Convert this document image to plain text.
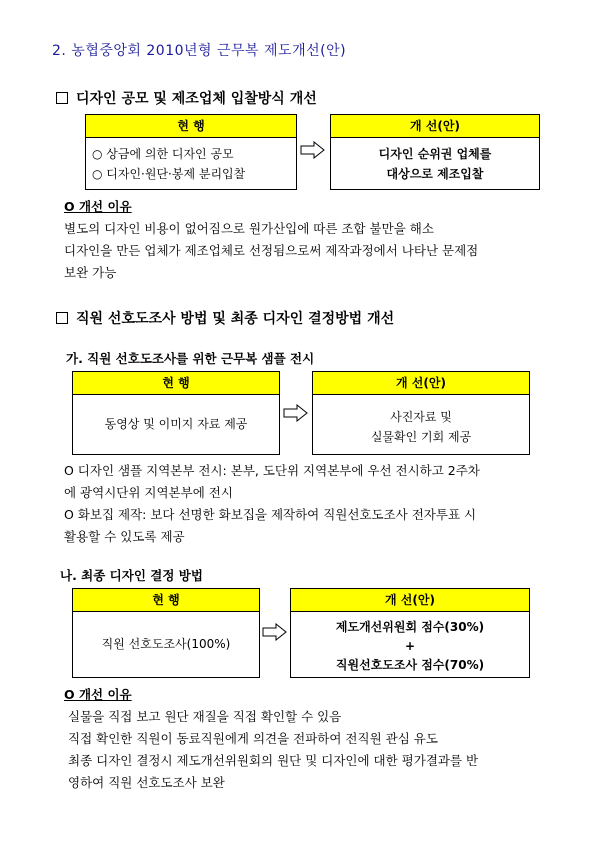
2. 농협중앙회 2010년형 근무복 제도개선(안)
디자인 공모 및 제조업체 입찰방식 개선
현 행
○ 상금에 의한 디자인 공모
○ 디자인·원단·봉제 분리입찰
개 선(안)
디자인 순위권 업체를
대상으로 제조입찰
O 개선 이유
별도의 디자인 비용이 없어짐으로 원가산입에 따른 조합 불만을 해소
디자인을 만든 업체가 제조업체로 선정됨으로써 제작과정에서 나타난 문제점
보완 가능
직원 선호도조사 방법 및 최종 디자인 결정방법 개선
가. 직원 선호도조사를 위한 근무복 샘플 전시
현 행
동영상 및 이미지 자료 제공
개 선(안)
사진자료 및
실물확인 기회 제공
O 디자인 샘플 지역본부 전시: 본부, 도단위 지역본부에 우선 전시하고 2주차
에 광역시단위 지역본부에 전시
O 화보집 제작: 보다 선명한 화보집을 제작하여 직원선호도조사 전자투표 시
활용할 수 있도록 제공
나. 최종 디자인 결정 방법
현 행
직원 선호도조사(100%)
개 선(안)
제도개선위원회 점수(30%)
+
직원선호도조사 점수(70%)
O 개선 이유
실물을 직접 보고 원단 재질을 직접 확인할 수 있음
직접 확인한 직원이 동료직원에게 의견을 전파하여 전직원 관심 유도
최종 디자인 결정시 제도개선위원회의 원단 및 디자인에 대한 평가결과를 반
영하여 직원 선호도조사 보완
